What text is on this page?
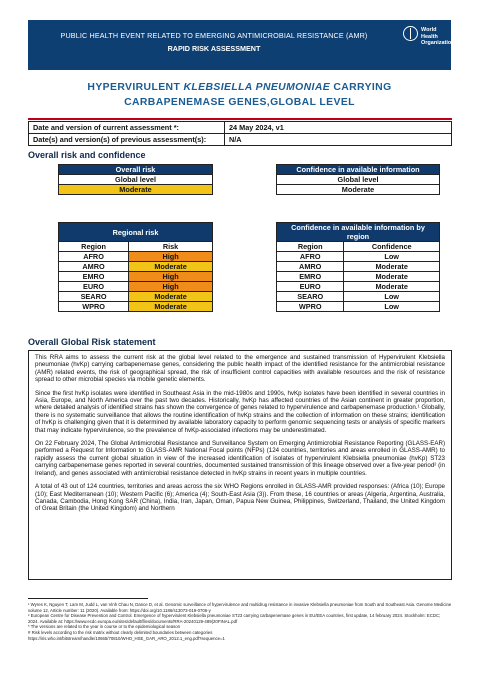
PUBLIC HEALTH EVENT RELATED TO EMERGING ANTIMICROBIAL RESISTANCE (AMR)
RAPID RISK ASSESSMENT
World Health
Organization
HYPERVIRULENT KLEBSIELLA PNEUMONIAE CARRYING
CARBAPENEMASE GENES,GLOBAL LEVEL
Date and version of current assessment *:	24 May 2024, v1
Date(s) and version(s) of previous assessment(s):	N/A
Overall risk and confidence
Overall risk
Global level
Moderate
Confidence in available information
Global level
Moderate
Regional risk	
Region	Risk
AFRO	High
AMRO	Moderate
EMRO	High
EURO	High
SEARO	Moderate
WPRO	Moderate
Confidence in available information by region	
Region	Confidence
AFRO	Low
AMRO	Moderate
EMRO	Moderate
EURO	Moderate
SEARO	Low
WPRO	Low
Overall Global Risk statement

This RRA aims to assess the current risk at the global level related to the emergence and sustained transmission of Hypervirulent Klebsiella pneumoniae (hvKp) carrying carbapenemase genes, considering the public health impact of the identified resistance for the antimicrobial resistance (AMR) related events, the risk of geographical spread, the risk of insufficient control capacities with available resources and the risk of resistance spread to other microbial species via mobile genetic elements.

Since the first hvKp isolates were identified in Southeast Asia in the mid-1980s and 1990s, hvKp isolates have been identified in several countries in Asia, Europe, and North America over the past two decades. Historically, hvKp has affected countries of the Asian continent in greater proportion, where detailed analysis of identified strains has shown the convergence of genes related to hypervirulence and carbapenemase production.¹ Globally, there is no systematic surveillance that allows the routine identification of hvKp strains and the collection of information on these strains; identification of hvKp is challenging given that it is determined by available laboratory capacity to perform genomic sequencing tests or analysis of specific markers that may indicate hypervirulence, so the prevalence of hvKp-associated infections may be underestimated.

On 22 February 2024, The Global Antimicrobial Resistance and Surveillance System on Emerging Antimicrobial Resistance Reporting (GLASS-EAR) performed a Request for Information to GLASS-AMR National Focal points (NFPs) (124 countries, territories and areas enrolled in GLASS-AMR) to rapidly assess the current global situation in view of the increased identification of isolates of hypervirulent Klebsiella pneumoniae (hvKp) ST23 carrying carbapenemase genes reported in several countries, documented sustained transmission of this lineage observed over a five-year period² (in Ireland), and genes associated with antimicrobial resistance detected in hvKp strains in recent years in multiple countries.

A total of 43 out of 124 countries, territories and areas across the six WHO Regions enrolled in GLASS-AMR provided responses: (Africa (10); Europe (10); East Mediterranean (10); Western Pacific (6); America (4); South-East Asia (3)). From these, 16 countries or areas (Algeria, Argentina, Australia, Canada, Cambodia, Hong Kong SAR (China), India, Iran, Japan, Oman, Papua New Guinea, Philippines, Switzerland, Thailand, the United Kingdom of Great Britain (the United Kingdom) and Northern

¹ Wyres K, Nguyen T, Lam M, Judd L, van Vinh Chau N, Dance D, et al. Genomic surveillance of hypervirulence and multidrug resistance in invasive Klebsiella pneumoniae from South and Southeast Asia. Genome Medicine volume 12, Article number: 11 (2020). Available from: https://doi.org/10.1186/s13073-019-0706-y
² European Centre for Disease Prevention and Control. Emergence of hypervirulent Klebsiella pneumoniae ST23 carrying carbapenemase genes in EU/EEA countries, first update, 14 february 2024. Stockholm: ECDC; 2024. Available at: https://www.ecdc.europa.eu/sites/default/files/documents/RRA-20240129-489(20FINAL.pdf
* The versions are related to the year in course or to the epidemiological season
# Risk levels according to the risk matrix without clearly delimited boundaries between categories
https://iris.who.int/bitstream/handle/10665/70810/WHO_HSE_GAR_ARO_2012.1_eng.pdf?sequence=1
